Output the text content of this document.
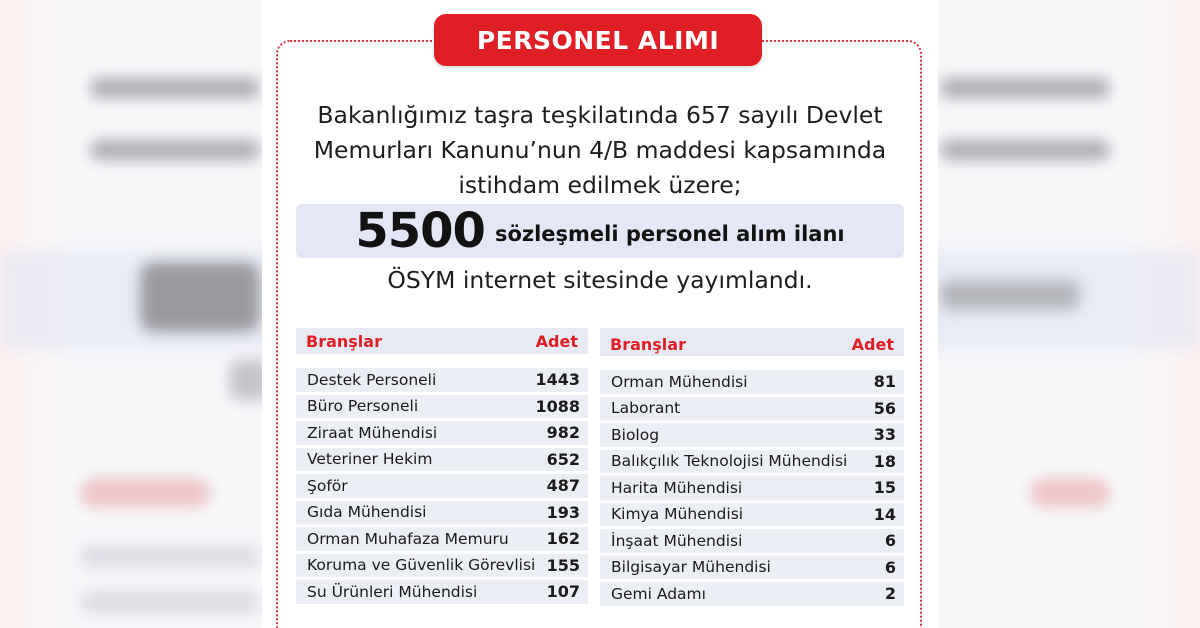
PERSONEL ALIMI
Bakanlığımız taşra teşkilatında 657 sayılı Devlet
Memurları Kanunu’nun 4/B maddesi kapsamında
istihdam edilmek üzere;
5500 sözleşmeli personel alım ilanı
ÖSYM internet sitesinde yayımlandı.
Branşlar	Adet
Destek Personeli	1443
Büro Personeli	1088
Ziraat Mühendisi	982
Veteriner Hekim	652
Şoför	487
Gıda Mühendisi	193
Orman Muhafaza Memuru 162
Koruma ve Güvenlik Görevlisi 155
Su Ürünleri Mühendisi	107
Branşlar	Adet
Orman Mühendisi	81
Laborant	56
Biolog	33
Balıkçılık Teknolojisi Mühendisi 18
Harita Mühendisi	15
Kimya Mühendisi	14
İnşaat Mühendisi	6
Bilgisayar Mühendisi	6
Gemi Adamı	2
